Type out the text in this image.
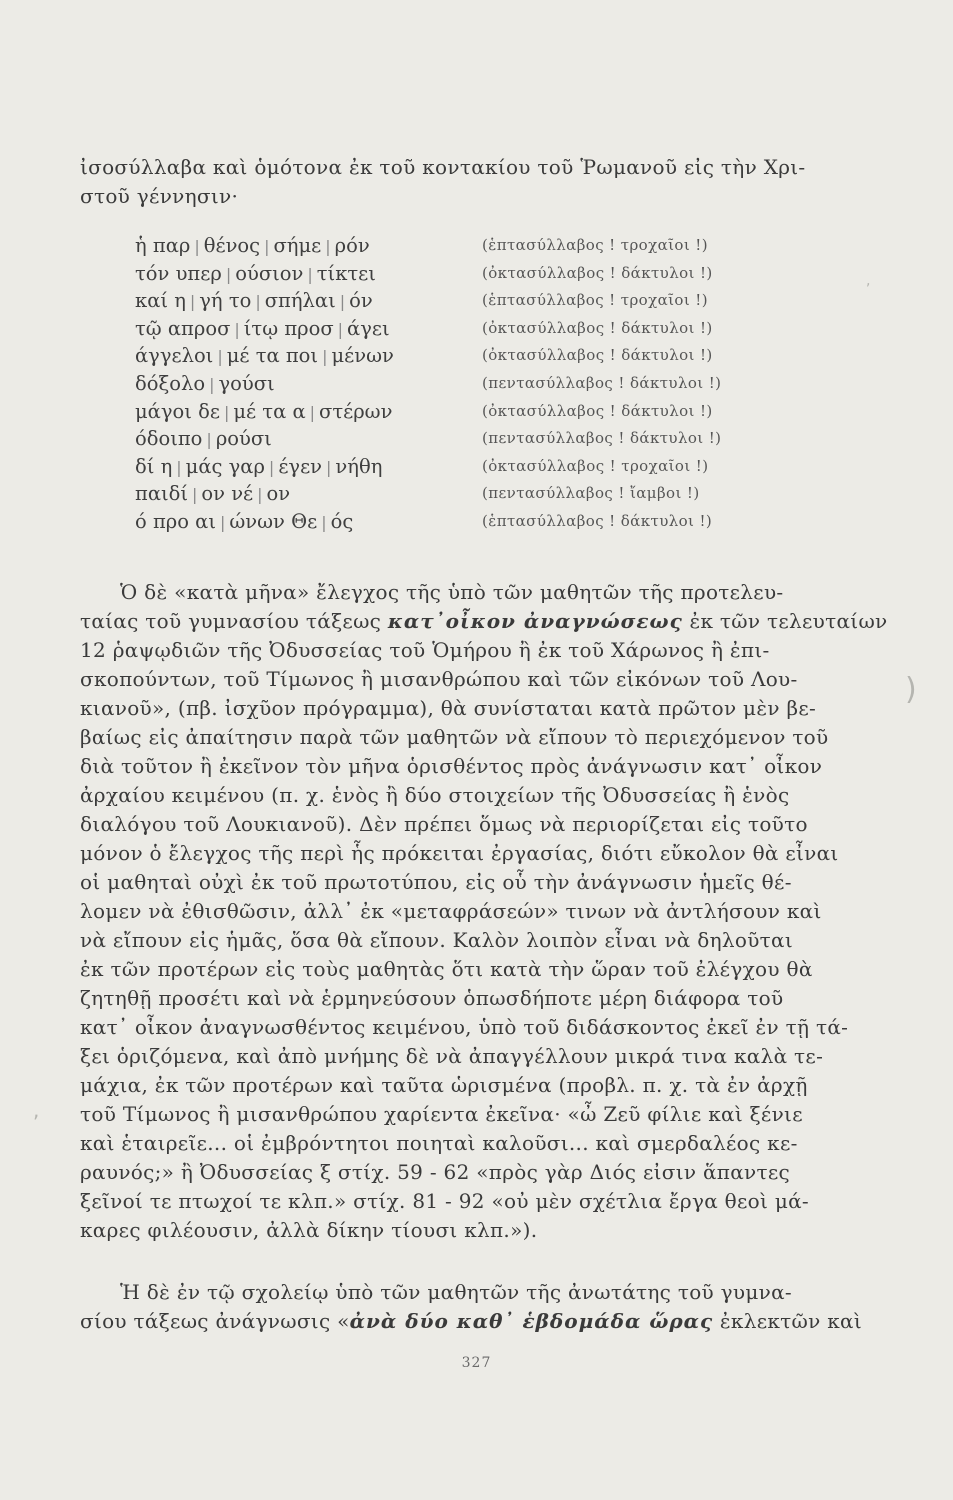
ἰσοσύλλαβα καὶ ὁμότονα ἐκ τοῦ κοντακίου τοῦ Ῥωμανοῦ εἰς τὴν Χρι-
στοῦ γέννησιν·
ἡ παρ | θένος | σήμε | ρόν	(ἑπτασύλλαβος ! τροχαῖοι !)
τόν υπερ | ούσιον | τίκτει	(ὀκτασύλλαβος ! δάκτυλοι !)
καί η | γή το | σπήλαι | όν	(ἑπτασύλλαβος ! τροχαῖοι !)
τῷ απροσ | ίτῳ προσ | άγει	(ὀκτασύλλαβος ! δάκτυλοι !)
άγγελοι | μέ τα ποι | μένων	(ὀκτασύλλαβος ! δάκτυλοι !)
δόξολο | γούσι	(πεντασύλλαβος ! δάκτυλοι !)
μάγοι δε | μέ τα α | στέρων	(ὀκτασύλλαβος ! δάκτυλοι !)
όδοιπο | ρούσι	(πεντασύλλαβος ! δάκτυλοι !)
δί η | μάς γαρ | έγεν | νήθη	(ὀκτασύλλαβος ! τροχαῖοι !)
παιδί | ον νέ | ον	(πεντασύλλαβος ! ἴαμβοι !)
ό προ αι | ώνων Θε | ός	(ἑπτασύλλαβος ! δάκτυλοι !)
Ὁ δὲ «κατὰ μῆνα» ἔλεγχος τῆς ὑπὸ τῶν μαθητῶν τῆς προτελευ-
ταίας τοῦ γυμνασίου τάξεως κατ᾽οἶκον ἀναγνώσεως ἐκ τῶν τελευταίων
12 ῥαψῳδιῶν τῆς Ὀδυσσείας τοῦ Ὁμήρου ἢ ἐκ τοῦ Χάρωνος ἢ ἐπι-
σκοπούντων, τοῦ Τίμωνος ἢ μισανθρώπου καὶ τῶν εἰκόνων τοῦ Λου-
κιανοῦ», (πβ. ἰσχῦον πρόγραμμα), θὰ συνίσταται κατὰ πρῶτον μὲν βε-
βαίως εἰς ἀπαίτησιν παρὰ τῶν μαθητῶν νὰ εἴπουν τὸ περιεχόμενον τοῦ
διὰ τοῦτον ἢ ἐκεῖνον τὸν μῆνα ὁρισθέντος πρὸς ἀνάγνωσιν κατ᾽ οἶκον
ἀρχαίου κειμένου (π. χ. ἑνὸς ἢ δύο στοιχείων τῆς Ὀδυσσείας ἢ ἑνὸς
διαλόγου τοῦ Λουκιανοῦ). Δὲν πρέπει ὅμως νὰ περιορίζεται εἰς τοῦτο
μόνον ὁ ἔλεγχος τῆς περὶ ἧς πρόκειται ἐργασίας, διότι εὔκολον θὰ εἶναι
οἱ μαθηταὶ οὐχὶ ἐκ τοῦ πρωτοτύπου, εἰς οὗ τὴν ἀνάγνωσιν ἡμεῖς θέ-
λομεν νὰ ἐθισθῶσιν, ἀλλ᾽ ἐκ «μεταφράσεών» τινων νὰ ἀντλήσουν καὶ
νὰ εἴπουν εἰς ἡμᾶς, ὅσα θὰ εἴπουν. Καλὸν λοιπὸν εἶναι νὰ δηλοῦται
ἐκ τῶν προτέρων εἰς τοὺς μαθητὰς ὅτι κατὰ τὴν ὥραν τοῦ ἐλέγχου θὰ
ζητηθῇ προσέτι καὶ νὰ ἑρμηνεύσουν ὁπωσδήποτε μέρη διάφορα τοῦ
κατ᾽ οἶκον ἀναγνωσθέντος κειμένου, ὑπὸ τοῦ διδάσκοντος ἐκεῖ ἐν τῇ τά-
ξει ὁριζόμενα, καὶ ἀπὸ μνήμης δὲ νὰ ἀπαγγέλλουν μικρά τινα καλὰ τε-
μάχια, ἐκ τῶν προτέρων καὶ ταῦτα ὡρισμένα (προβλ. π. χ. τὰ ἐν ἀρχῇ
τοῦ Τίμωνος ἢ μισανθρώπου χαρίεντα ἐκεῖνα· «ὦ Ζεῦ φίλιε καὶ ξένιε
καὶ ἑταιρεῖε... οἱ ἐμβρόντητοι ποιηταὶ καλοῦσι... καὶ σμερδαλέος κε-
ραυνός;» ἢ Ὀδυσσείας ξ στίχ. 59 - 62 «πρὸς γὰρ Διός εἰσιν ἅπαντες
ξεῖνοί τε πτωχοί τε κλπ.» στίχ. 81 - 92 «οὐ μὲν σχέτλια ἔργα θεοὶ μά-
καρες φιλέουσιν, ἀλλὰ δίκην τίουσι κλπ.»).
Ἡ δὲ ἐν τῷ σχολείῳ ὑπὸ τῶν μαθητῶν τῆς ἀνωτάτης τοῦ γυμνα-
σίου τάξεως ἀνάγνωσις «ἀνὰ δύο καθ᾽ ἑβδομάδα ὥρας ἐκλεκτῶν καὶ
327
)
,
,
